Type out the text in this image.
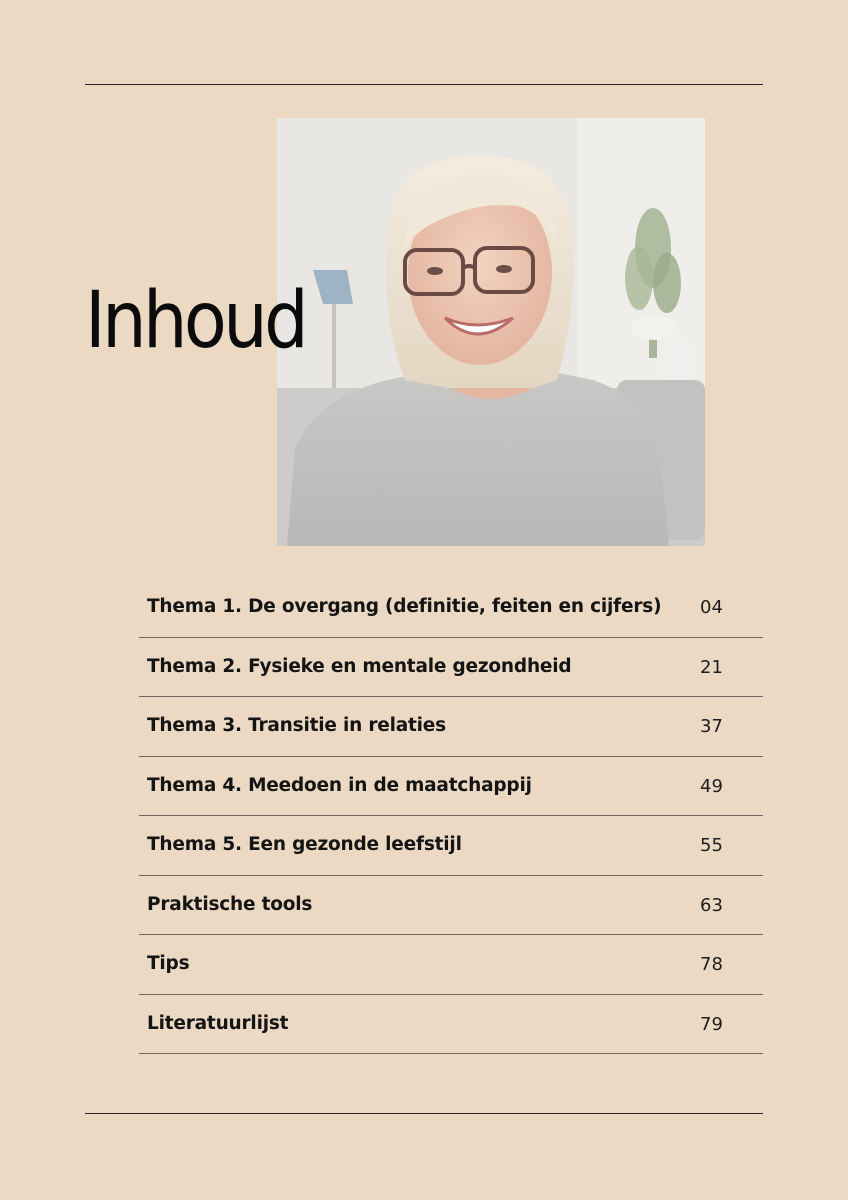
Inhoud
Thema 1. De overgang (definitie, feiten en cijfers) 04
Thema 2. Fysieke en mentale gezondheid	21
Thema 3. Transitie in relaties	37
Thema 4. Meedoen in de maatchappij	49
Thema 5. Een gezonde leefstijl	55
Praktische tools	63
Tips	78
Literatuurlijst	79
